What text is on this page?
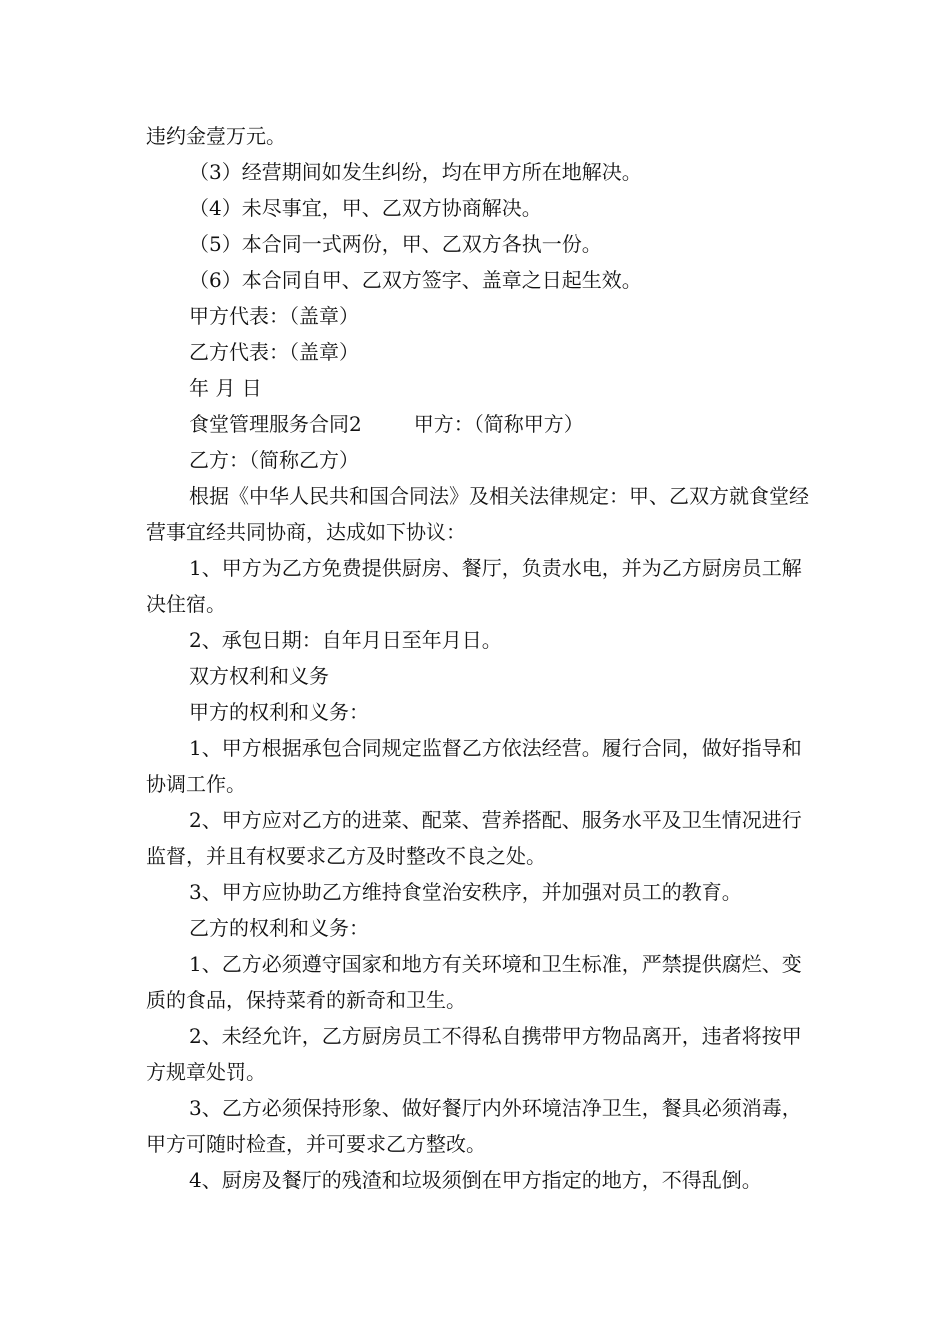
违约金壹万元。

（3）经营期间如发生纠纷，均在甲方所在地解决。

（4）未尽事宜，甲、乙双方协商解决。

（5）本合同一式两份，甲、乙双方各执一份。

（6）本合同自甲、乙双方签字、盖章之日起生效。

甲方代表：（盖章）

乙方代表：（盖章）

年 月 日

食堂管理服务合同2	甲方：（简称甲方）

乙方：（简称乙方）

根据《中华人民共和国合同法》及相关法律规定：甲、乙双方就食堂经营事宜经共同协商，达成如下协议：

1、甲方为乙方免费提供厨房、餐厅，负责水电，并为乙方厨房员工解决住宿。

2、承包日期：自年月日至年月日。

双方权利和义务

甲方的权利和义务：

1、甲方根据承包合同规定监督乙方依法经营。履行合同，做好指导和协调工作。

2、甲方应对乙方的进菜、配菜、营养搭配、服务水平及卫生情况进行监督，并且有权要求乙方及时整改不良之处。

3、甲方应协助乙方维持食堂治安秩序，并加强对员工的教育。

乙方的权利和义务：

1、乙方必须遵守国家和地方有关环境和卫生标准，严禁提供腐烂、变质的食品，保持菜肴的新奇和卫生。

2、未经允许，乙方厨房员工不得私自携带甲方物品离开，违者将按甲方规章处罚。

3、乙方必须保持形象、做好餐厅内外环境洁净卫生，餐具必须消毒，甲方可随时检查，并可要求乙方整改。

4、厨房及餐厅的残渣和垃圾须倒在甲方指定的地方，不得乱倒。
